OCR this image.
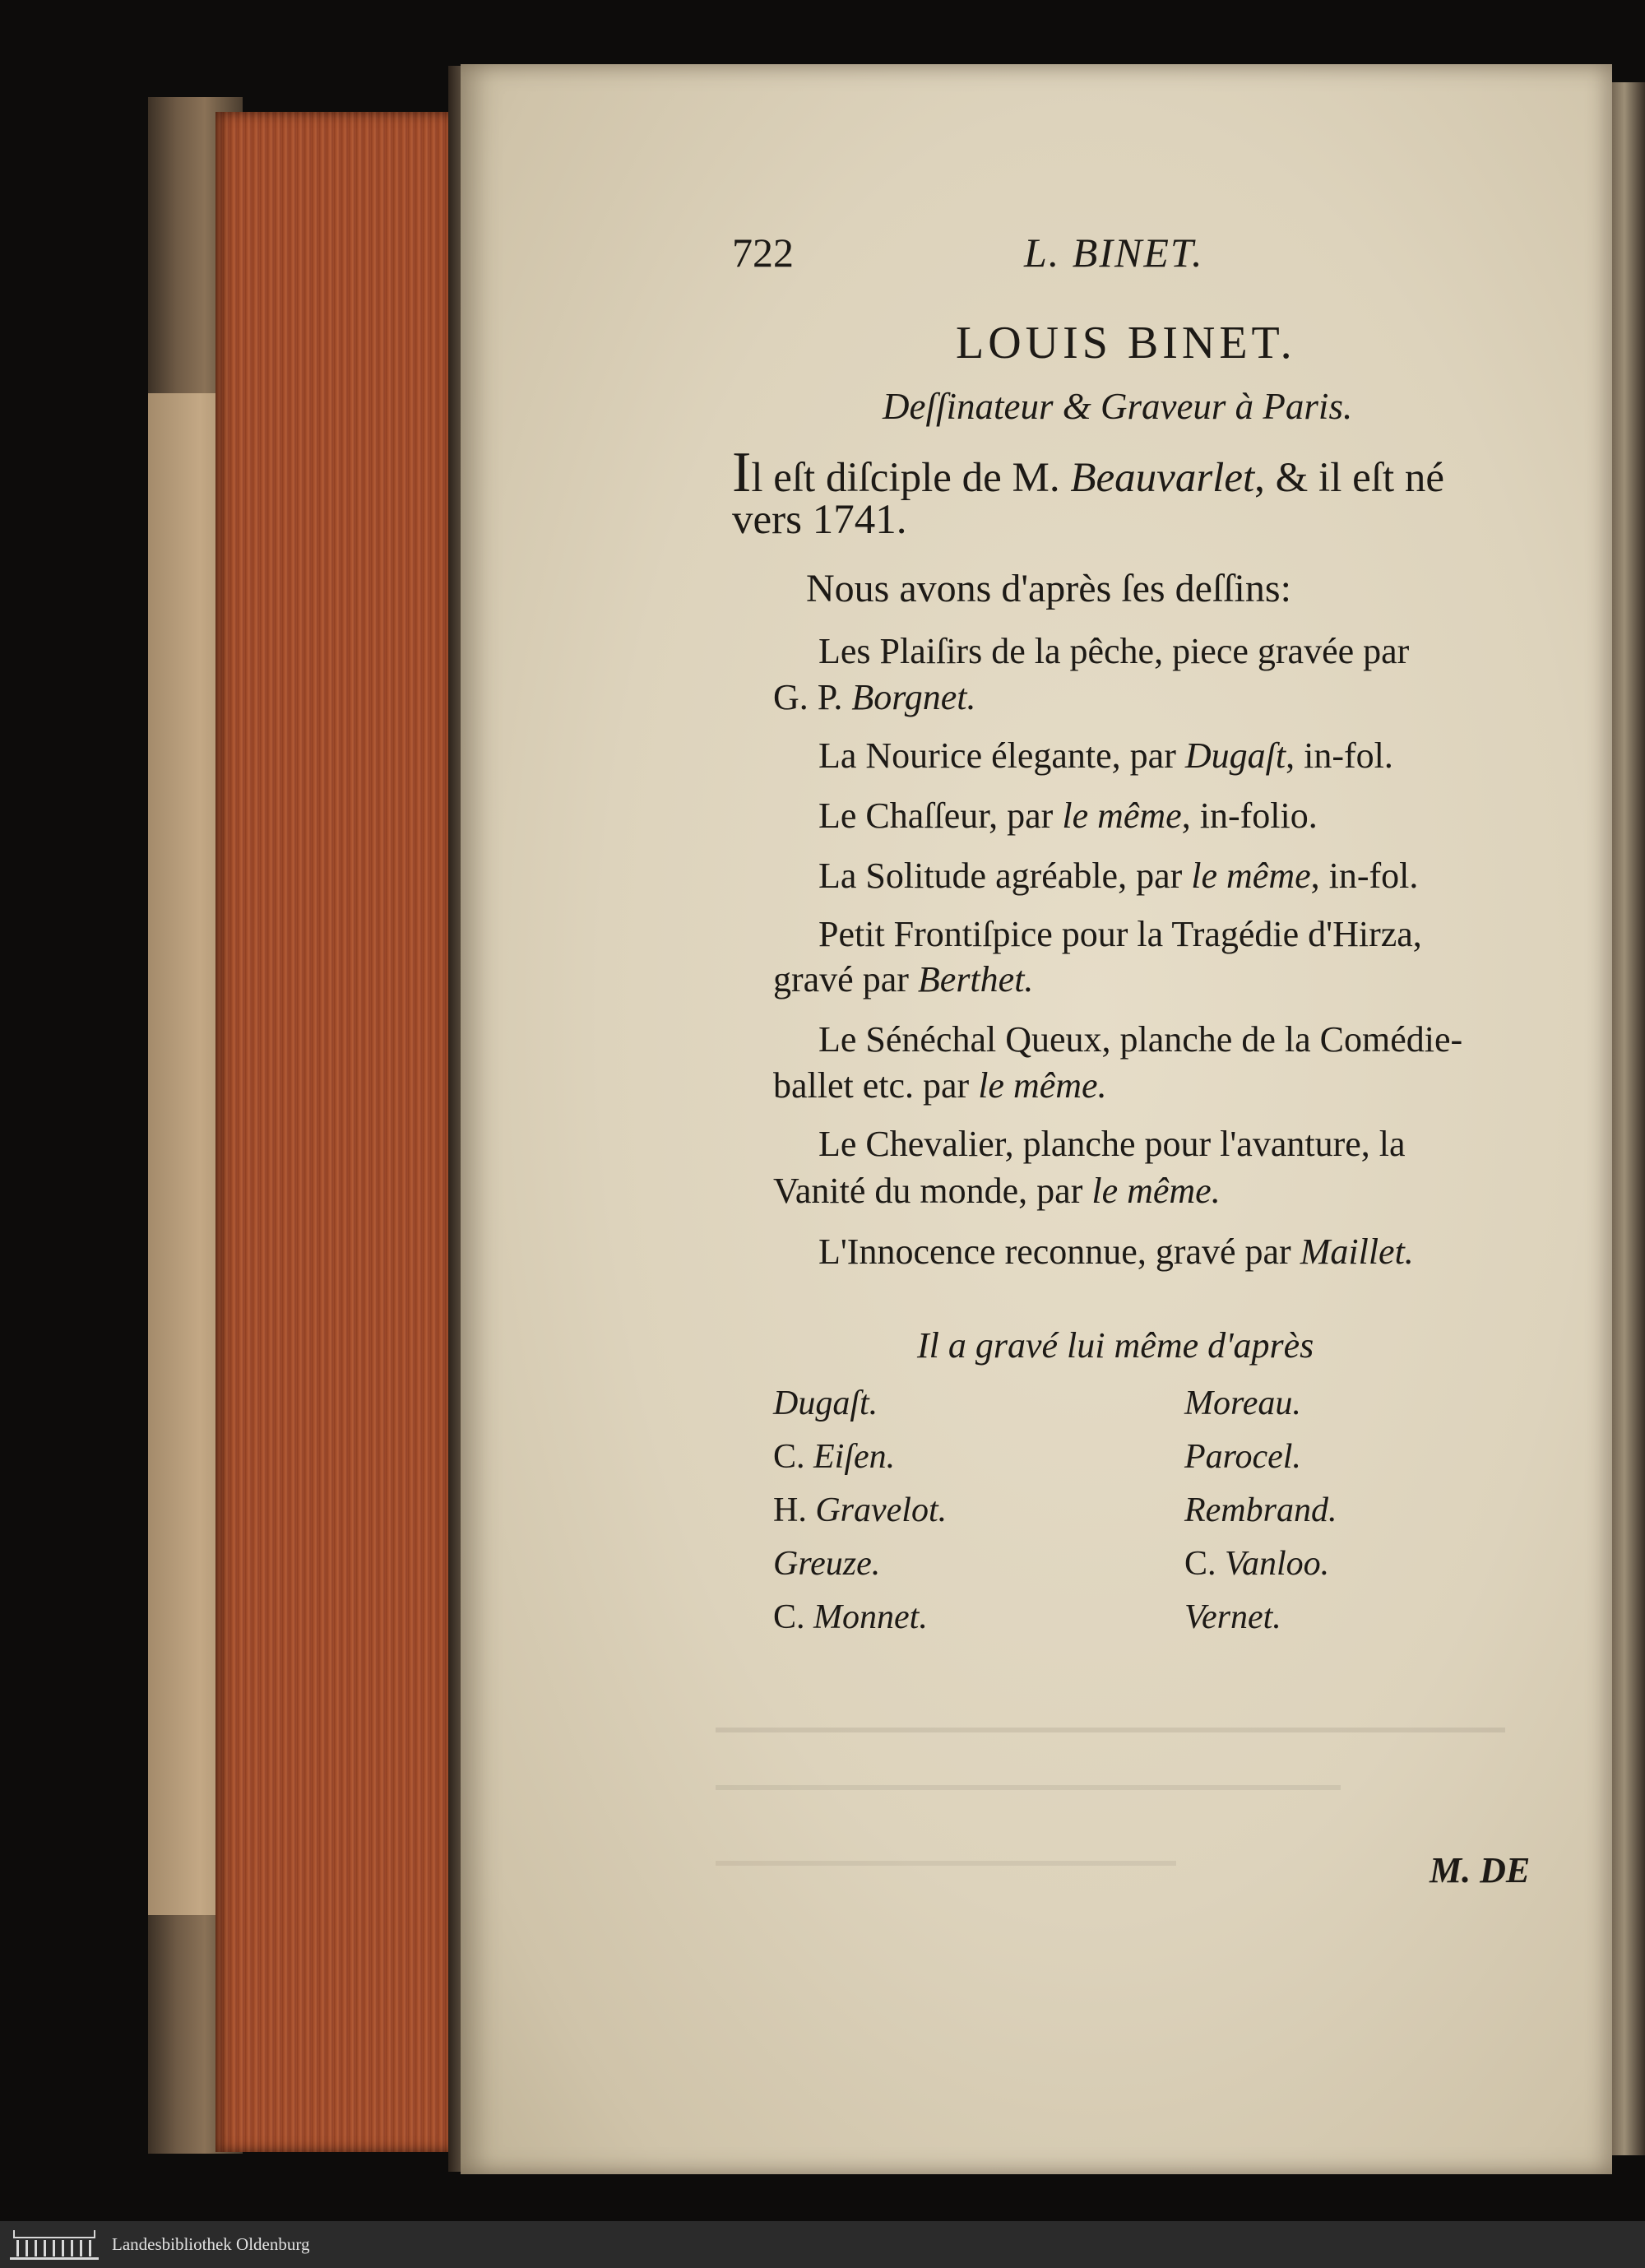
722	L. BINET.
LOUIS BINET.
Deſſinateur & Graveur à Paris.
Il eſt diſciple de M. Beauvarlet, & il eſt né
vers 1741.
Nous avons d'après ſes deſſins:
Les Plaiſirs de la pêche, piece gravée par
G. P. Borgnet.
La Nourice élegante, par Dugaſt, in-fol.
Le Chaſſeur, par le même, in-folio.
La Solitude agréable, par le même, in-fol.
Petit Frontiſpice pour la Tragédie d'Hirza,
gravé par Berthet.
Le Sénéchal Queux, planche de la Comédie-
ballet etc. par le même.
Le Chevalier, planche pour l'avanture, la
Vanité du monde, par le même.
L'Innocence reconnue, gravé par Maillet.
Il a gravé lui même d'après
Dugaſt.
C. Eiſen.
H. Gravelot.
Greuze.
C. Monnet.
Moreau.
Parocel.
Rembrand.
C. Vanloo.
Vernet.
M. DE
Landesbibliothek Oldenburg
